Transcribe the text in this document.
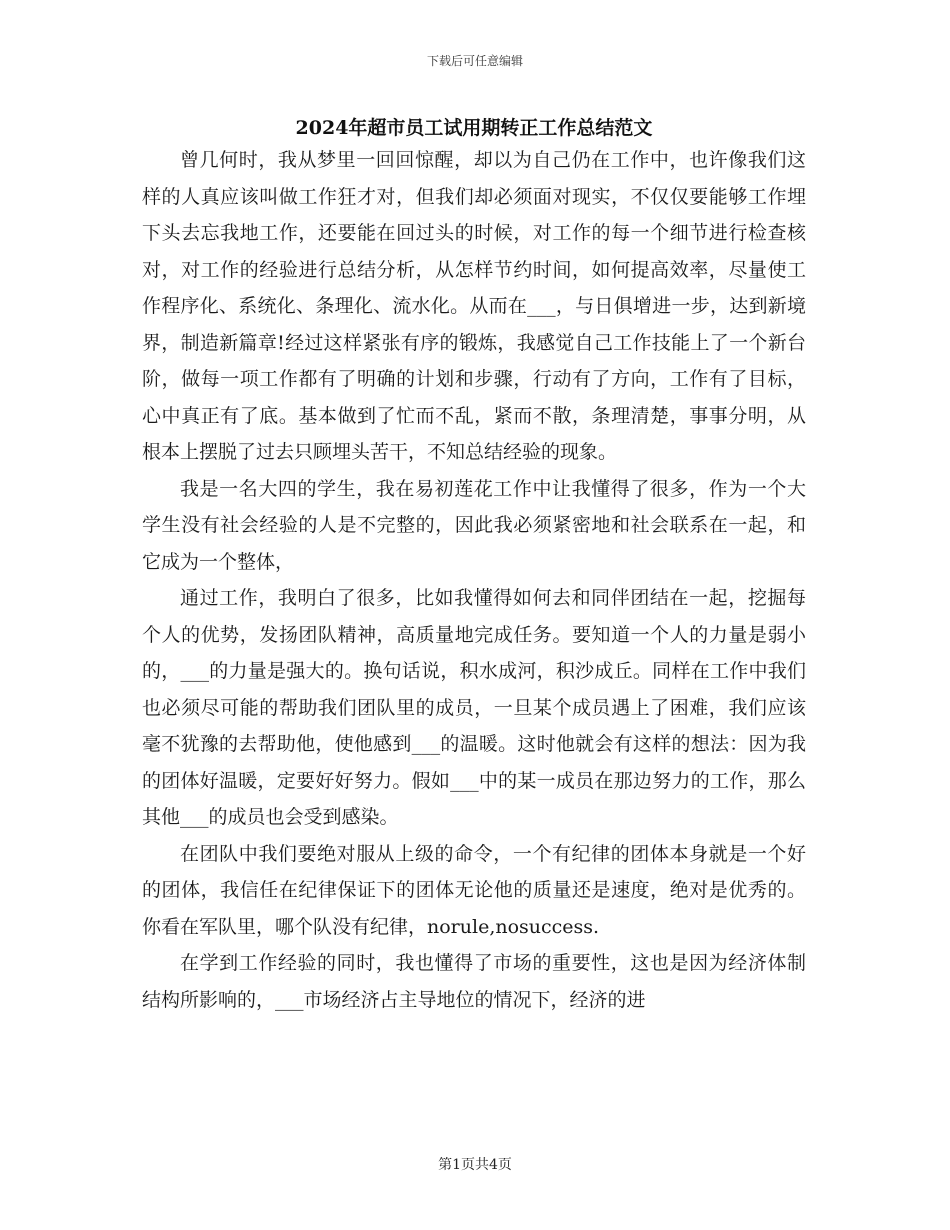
下载后可任意编辑
2024年超市员工试用期转正工作总结范文

曾几何时，我从梦里一回回惊醒，却以为自己仍在工作中，也许像我们这样的人真应该叫做工作狂才对，但我们却必须面对现实，不仅仅要能够工作埋下头去忘我地工作，还要能在回过头的时候，对工作的每一个细节进行检查核对，对工作的经验进行总结分析，从怎样节约时间，如何提高效率，尽量使工作程序化、系统化、条理化、流水化。从而在___，与日俱增进一步，达到新境界，制造新篇章!经过这样紧张有序的锻炼，我感觉自己工作技能上了一个新台阶，做每一项工作都有了明确的计划和步骤，行动有了方向，工作有了目标，心中真正有了底。基本做到了忙而不乱，紧而不散，条理清楚，事事分明，从根本上摆脱了过去只顾埋头苦干，不知总结经验的现象。

我是一名大四的学生，我在易初莲花工作中让我懂得了很多，作为一个大学生没有社会经验的人是不完整的，因此我必须紧密地和社会联系在一起，和它成为一个整体，

通过工作，我明白了很多，比如我懂得如何去和同伴团结在一起，挖掘每个人的优势，发扬团队精神，高质量地完成任务。要知道一个人的力量是弱小的，___的力量是强大的。换句话说，积水成河，积沙成丘。同样在工作中我们也必须尽可能的帮助我们团队里的成员，一旦某个成员遇上了困难，我们应该毫不犹豫的去帮助他，使他感到___的温暖。这时他就会有这样的想法：因为我的团体好温暖，定要好好努力。假如___中的某一成员在那边努力的工作，那么其他___的成员也会受到感染。

在团队中我们要绝对服从上级的命令，一个有纪律的团体本身就是一个好的团体，我信任在纪律保证下的团体无论他的质量还是速度，绝对是优秀的。你看在军队里，哪个队没有纪律，norule,nosuccess.

在学到工作经验的同时，我也懂得了市场的重要性，这也是因为经济体制结构所影响的，___市场经济占主导地位的情况下，经济的进

第1页共4页
